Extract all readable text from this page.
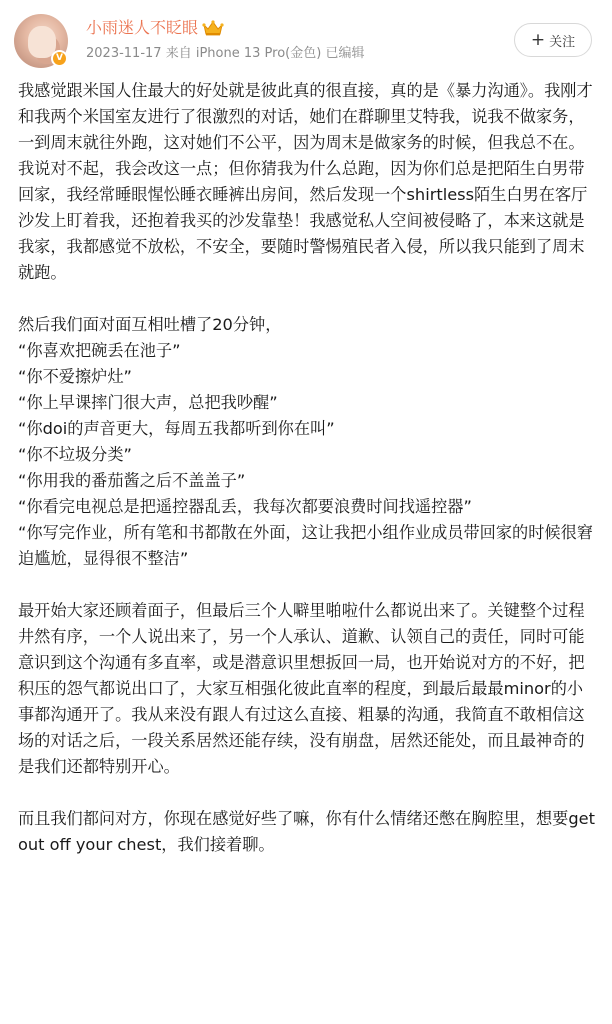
V
小雨迷人不眨眼
2023-11-17 来自 iPhone 13 Pro(金色) 已编辑
+ 关注

我感觉跟米国人住最大的好处就是彼此真的很直接，真的是《暴力沟通》。我刚才和我两个米国室友进行了很激烈的对话，她们在群聊里艾特我，说我不做家务，一到周末就往外跑，这对她们不公平，因为周末是做家务的时候，但我总不在。我说对不起，我会改这一点；但你猜我为什么总跑，因为你们总是把陌生白男带回家，我经常睡眼惺忪睡衣睡裤出房间，然后发现一个shirtless陌生白男在客厅沙发上盯着我，还抱着我买的沙发靠垫！我感觉私人空间被侵略了，本来这就是我家，我都感觉不放松，不安全，要随时警惕殖民者入侵，所以我只能到了周末就跑。

然后我们面对面互相吐槽了20分钟，
“你喜欢把碗丢在池子”
“你不爱擦炉灶”
“你上早课摔门很大声，总把我吵醒”
“你doi的声音更大，每周五我都听到你在叫”
“你不垃圾分类”
“你用我的番茄酱之后不盖盖子”
“你看完电视总是把遥控器乱丢，我每次都要浪费时间找遥控器”
“你写完作业，所有笔和书都散在外面，这让我把小组作业成员带回家的时候很窘迫尴尬，显得很不整洁”

最开始大家还顾着面子，但最后三个人噼里啪啦什么都说出来了。关键整个过程井然有序，一个人说出来了，另一个人承认、道歉、认领自己的责任，同时可能意识到这个沟通有多直率，或是潜意识里想扳回一局，也开始说对方的不好，把积压的怨气都说出口了，大家互相强化彼此直率的程度，到最后最最minor的小事都沟通开了。我从来没有跟人有过这么直接、粗暴的沟通，我简直不敢相信这场的对话之后，一段关系居然还能存续，没有崩盘，居然还能处，而且最神奇的是我们还都特别开心。

而且我们都问对方，你现在感觉好些了嘛，你有什么情绪还憋在胸腔里，想要get out off your chest，我们接着聊。
